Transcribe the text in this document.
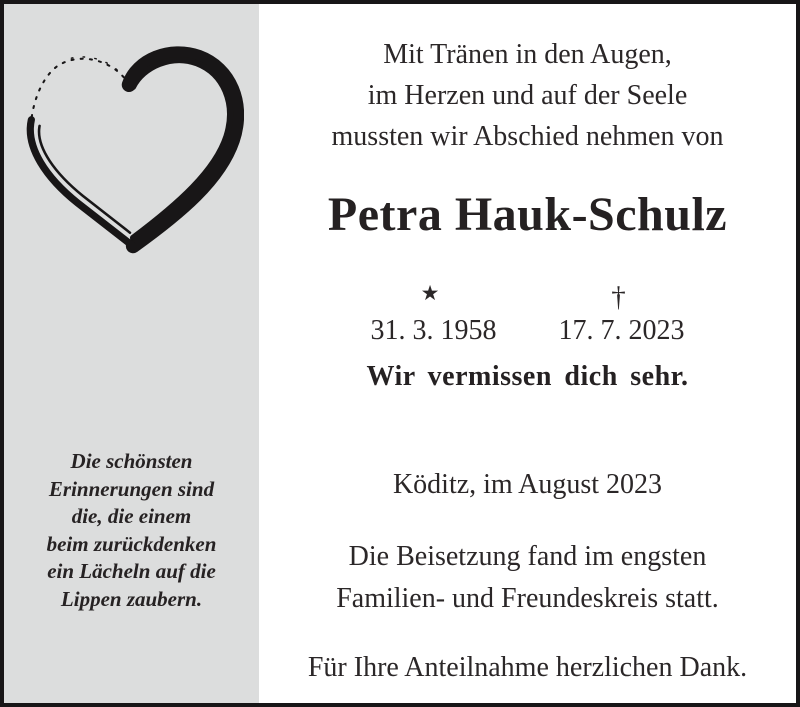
Die schönsten
Erinnerungen sind
die, die einem
beim zurückdenken
ein Lächeln auf die
Lippen zaubern.
Mit Tränen in den Augen,
im Herzen und auf der Seele
mussten wir Abschied nehmen von
Petra Hauk-Schulz
★
31. 3. 1958
†
17. 7. 2023
Wir vermissen dich sehr.
Köditz, im August 2023
Die Beisetzung fand im engsten
Familien- und Freundeskreis statt.
Für Ihre Anteilnahme herzlichen Dank.
